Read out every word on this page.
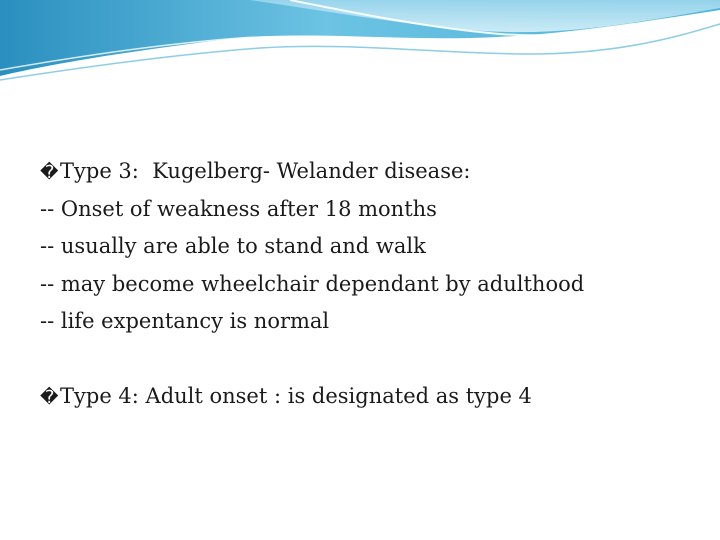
�Type 3:  Kugelberg- Welander disease:
-- Onset of weakness after 18 months
-- usually are able to stand and walk
-- may become wheelchair dependant by adulthood
-- life expentancy is normal
�Type 4: Adult onset : is designated as type 4
